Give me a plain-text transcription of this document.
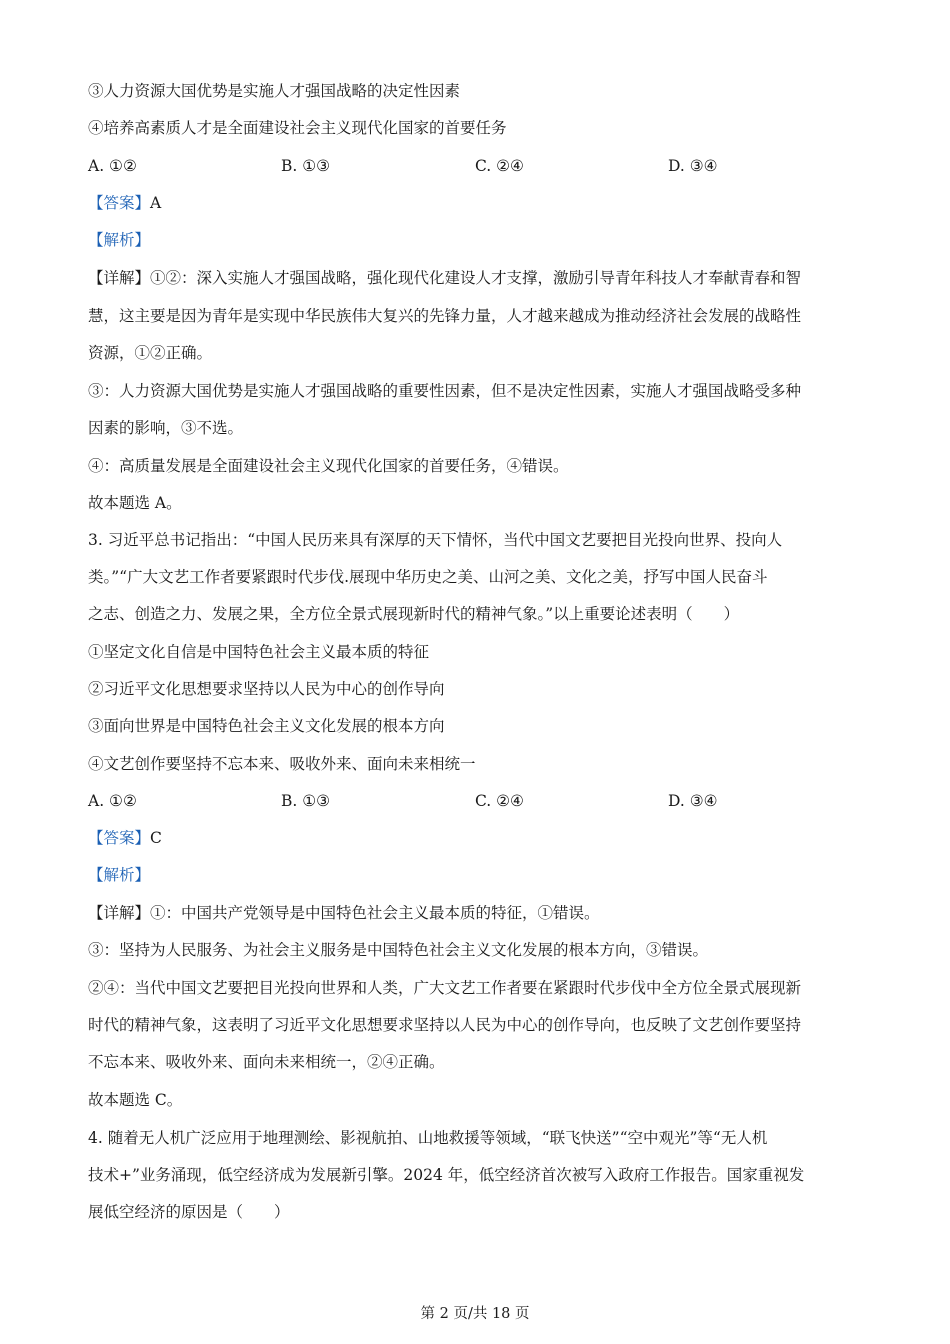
③人力资源大国优势是实施人才强国战略的决定性因素
④培养高素质人才是全面建设社会主义现代化国家的首要任务
A. ①②	B. ①③	C. ②④	D. ③④
【答案】A
【解析】
【详解】①②：深入实施人才强国战略，强化现代化建设人才支撑，激励引导青年科技人才奉献青春和智
慧，这主要是因为青年是实现中华民族伟大复兴的先锋力量，人才越来越成为推动经济社会发展的战略性
资源，①②正确。
③：人力资源大国优势是实施人才强国战略的重要性因素，但不是决定性因素，实施人才强国战略受多种
因素的影响，③不选。
④：高质量发展是全面建设社会主义现代化国家的首要任务，④错误。
故本题选 A。
3. 习近平总书记指出：“中国人民历来具有深厚的天下情怀，当代中国文艺要把目光投向世界、投向人
类。”“广大文艺工作者要紧跟时代步伐.展现中华历史之美、山河之美、文化之美，抒写中国人民奋斗
之志、创造之力、发展之果，全方位全景式展现新时代的精神气象。”以上重要论述表明（　　）
①坚定文化自信是中国特色社会主义最本质的特征
②习近平文化思想要求坚持以人民为中心的创作导向
③面向世界是中国特色社会主义文化发展的根本方向
④文艺创作要坚持不忘本来、吸收外来、面向未来相统一
A. ①②	B. ①③	C. ②④	D. ③④
【答案】C
【解析】
【详解】①：中国共产党领导是中国特色社会主义最本质的特征，①错误。
③：坚持为人民服务、为社会主义服务是中国特色社会主义文化发展的根本方向，③错误。
②④：当代中国文艺要把目光投向世界和人类，广大文艺工作者要在紧跟时代步伐中全方位全景式展现新
时代的精神气象，这表明了习近平文化思想要求坚持以人民为中心的创作导向，也反映了文艺创作要坚持
不忘本来、吸收外来、面向未来相统一，②④正确。
故本题选 C。
4. 随着无人机广泛应用于地理测绘、影视航拍、山地救援等领域，“联飞快送”“空中观光”等“无人机
技术+”业务涌现，低空经济成为发展新引擎。2024 年，低空经济首次被写入政府工作报告。国家重视发
展低空经济的原因是（　　）
第 2 页/共 18 页
